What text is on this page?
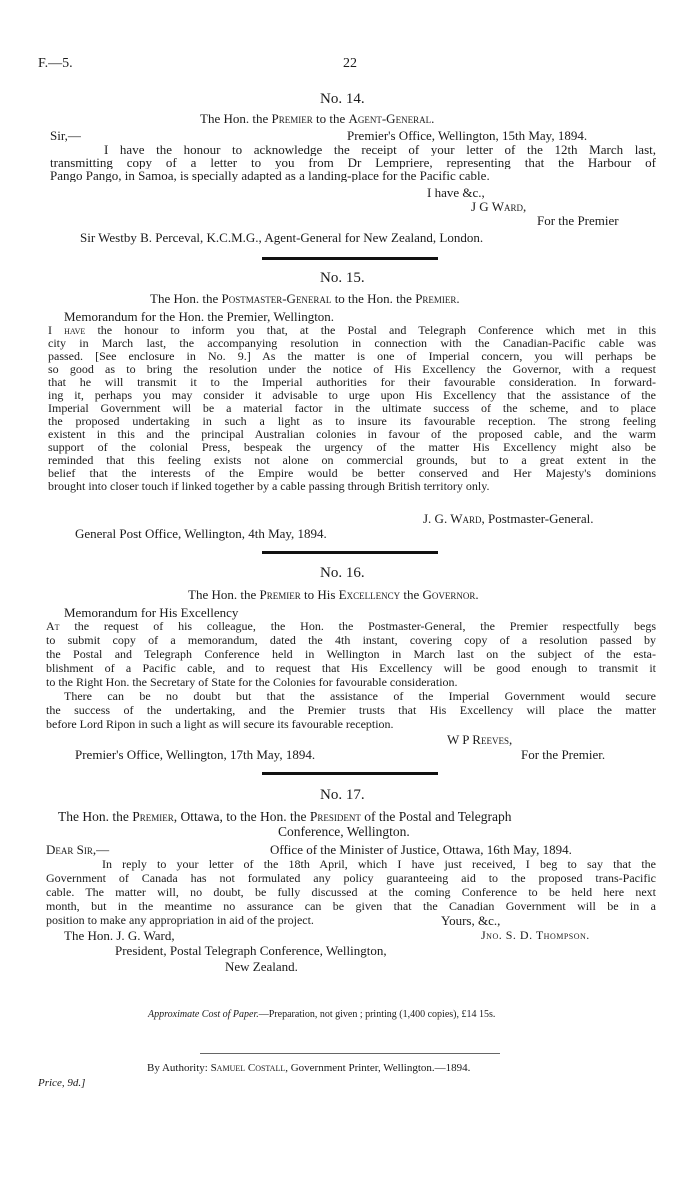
F.—5.	22
No. 14.
The Hon. the Premier to the Agent-General.
Sir,—	Premier's Office, Wellington, 15th May, 1894.
I have the honour to acknowledge the receipt of your letter of the 12th March last,
transmitting copy of a letter to you from Dr Lempriere, representing that the Harbour of
Pango Pango, in Samoa, is specially adapted as a landing-place for the Pacific cable.
I have &c.,
J G Ward,
For the Premier
Sir Westby B. Perceval, K.C.M.G., Agent-General for New Zealand, London.
No. 15.
The Hon. the Postmaster-General to the Hon. the Premier.
Memorandum for the Hon. the Premier, Wellington.
I have the honour to inform you that, at the Postal and Telegraph Conference which met in this
city in March last, the accompanying resolution in connection with the Canadian-Pacific cable was
passed. [See enclosure in No. 9.] As the matter is one of Imperial concern, you will perhaps be
so good as to bring the resolution under the notice of His Excellency the Governor, with a request
that he will transmit it to the Imperial authorities for their favourable consideration. In forward-
ing it, perhaps you may consider it advisable to urge upon His Excellency that the assistance of the
Imperial Government will be a material factor in the ultimate success of the scheme, and to place
the proposed undertaking in such a light as to insure its favourable reception. The strong feeling
existent in this and the principal Australian colonies in favour of the proposed cable, and the warm
support of the colonial Press, bespeak the urgency of the matter His Excellency might also be
reminded that this feeling exists not alone on commercial grounds, but to a great extent in the
belief that the interests of the Empire would be better conserved and Her Majesty's dominions
brought into closer touch if linked together by a cable passing through British territory only.
J. G. Ward, Postmaster-General.
General Post Office, Wellington, 4th May, 1894.
No. 16.
The Hon. the Premier to His Excellency the Governor.
Memorandum for His Excellency
At the request of his colleague, the Hon. the Postmaster-General, the Premier respectfully begs
to submit copy of a memorandum, dated the 4th instant, covering copy of a resolution passed by
the Postal and Telegraph Conference held in Wellington in March last on the subject of the esta-
blishment of a Pacific cable, and to request that His Excellency will be good enough to transmit it
to the Right Hon. the Secretary of State for the Colonies for favourable consideration.
There can be no doubt but that the assistance of the Imperial Government would secure
the success of the undertaking, and the Premier trusts that His Excellency will place the matter
before Lord Ripon in such a light as will secure its favourable reception.
W P Reeves,
Premier's Office, Wellington, 17th May, 1894.	For the Premier.
No. 17.
The Hon. the Premier, Ottawa, to the Hon. the President of the Postal and Telegraph
Conference, Wellington.
Dear Sir,—	Office of the Minister of Justice, Ottawa, 16th May, 1894.
In reply to your letter of the 18th April, which I have just received, I beg to say that the
Government of Canada has not formulated any policy guaranteeing aid to the proposed trans-Pacific
cable. The matter will, no doubt, be fully discussed at the coming Conference to be held here next
month, but in the meantime no assurance can be given that the Canadian Government will be in a
position to make any appropriation in aid of the project.	Yours, &c.,
The Hon. J. G. Ward,	Jno. S. D. Thompson.
President, Postal Telegraph Conference, Wellington,
New Zealand.
Approximate Cost of Paper.—Preparation, not given ; printing (1,400 copies), £14 15s.
By Authority: Samuel Costall, Government Printer, Wellington.—1894.
Price, 9d.]
